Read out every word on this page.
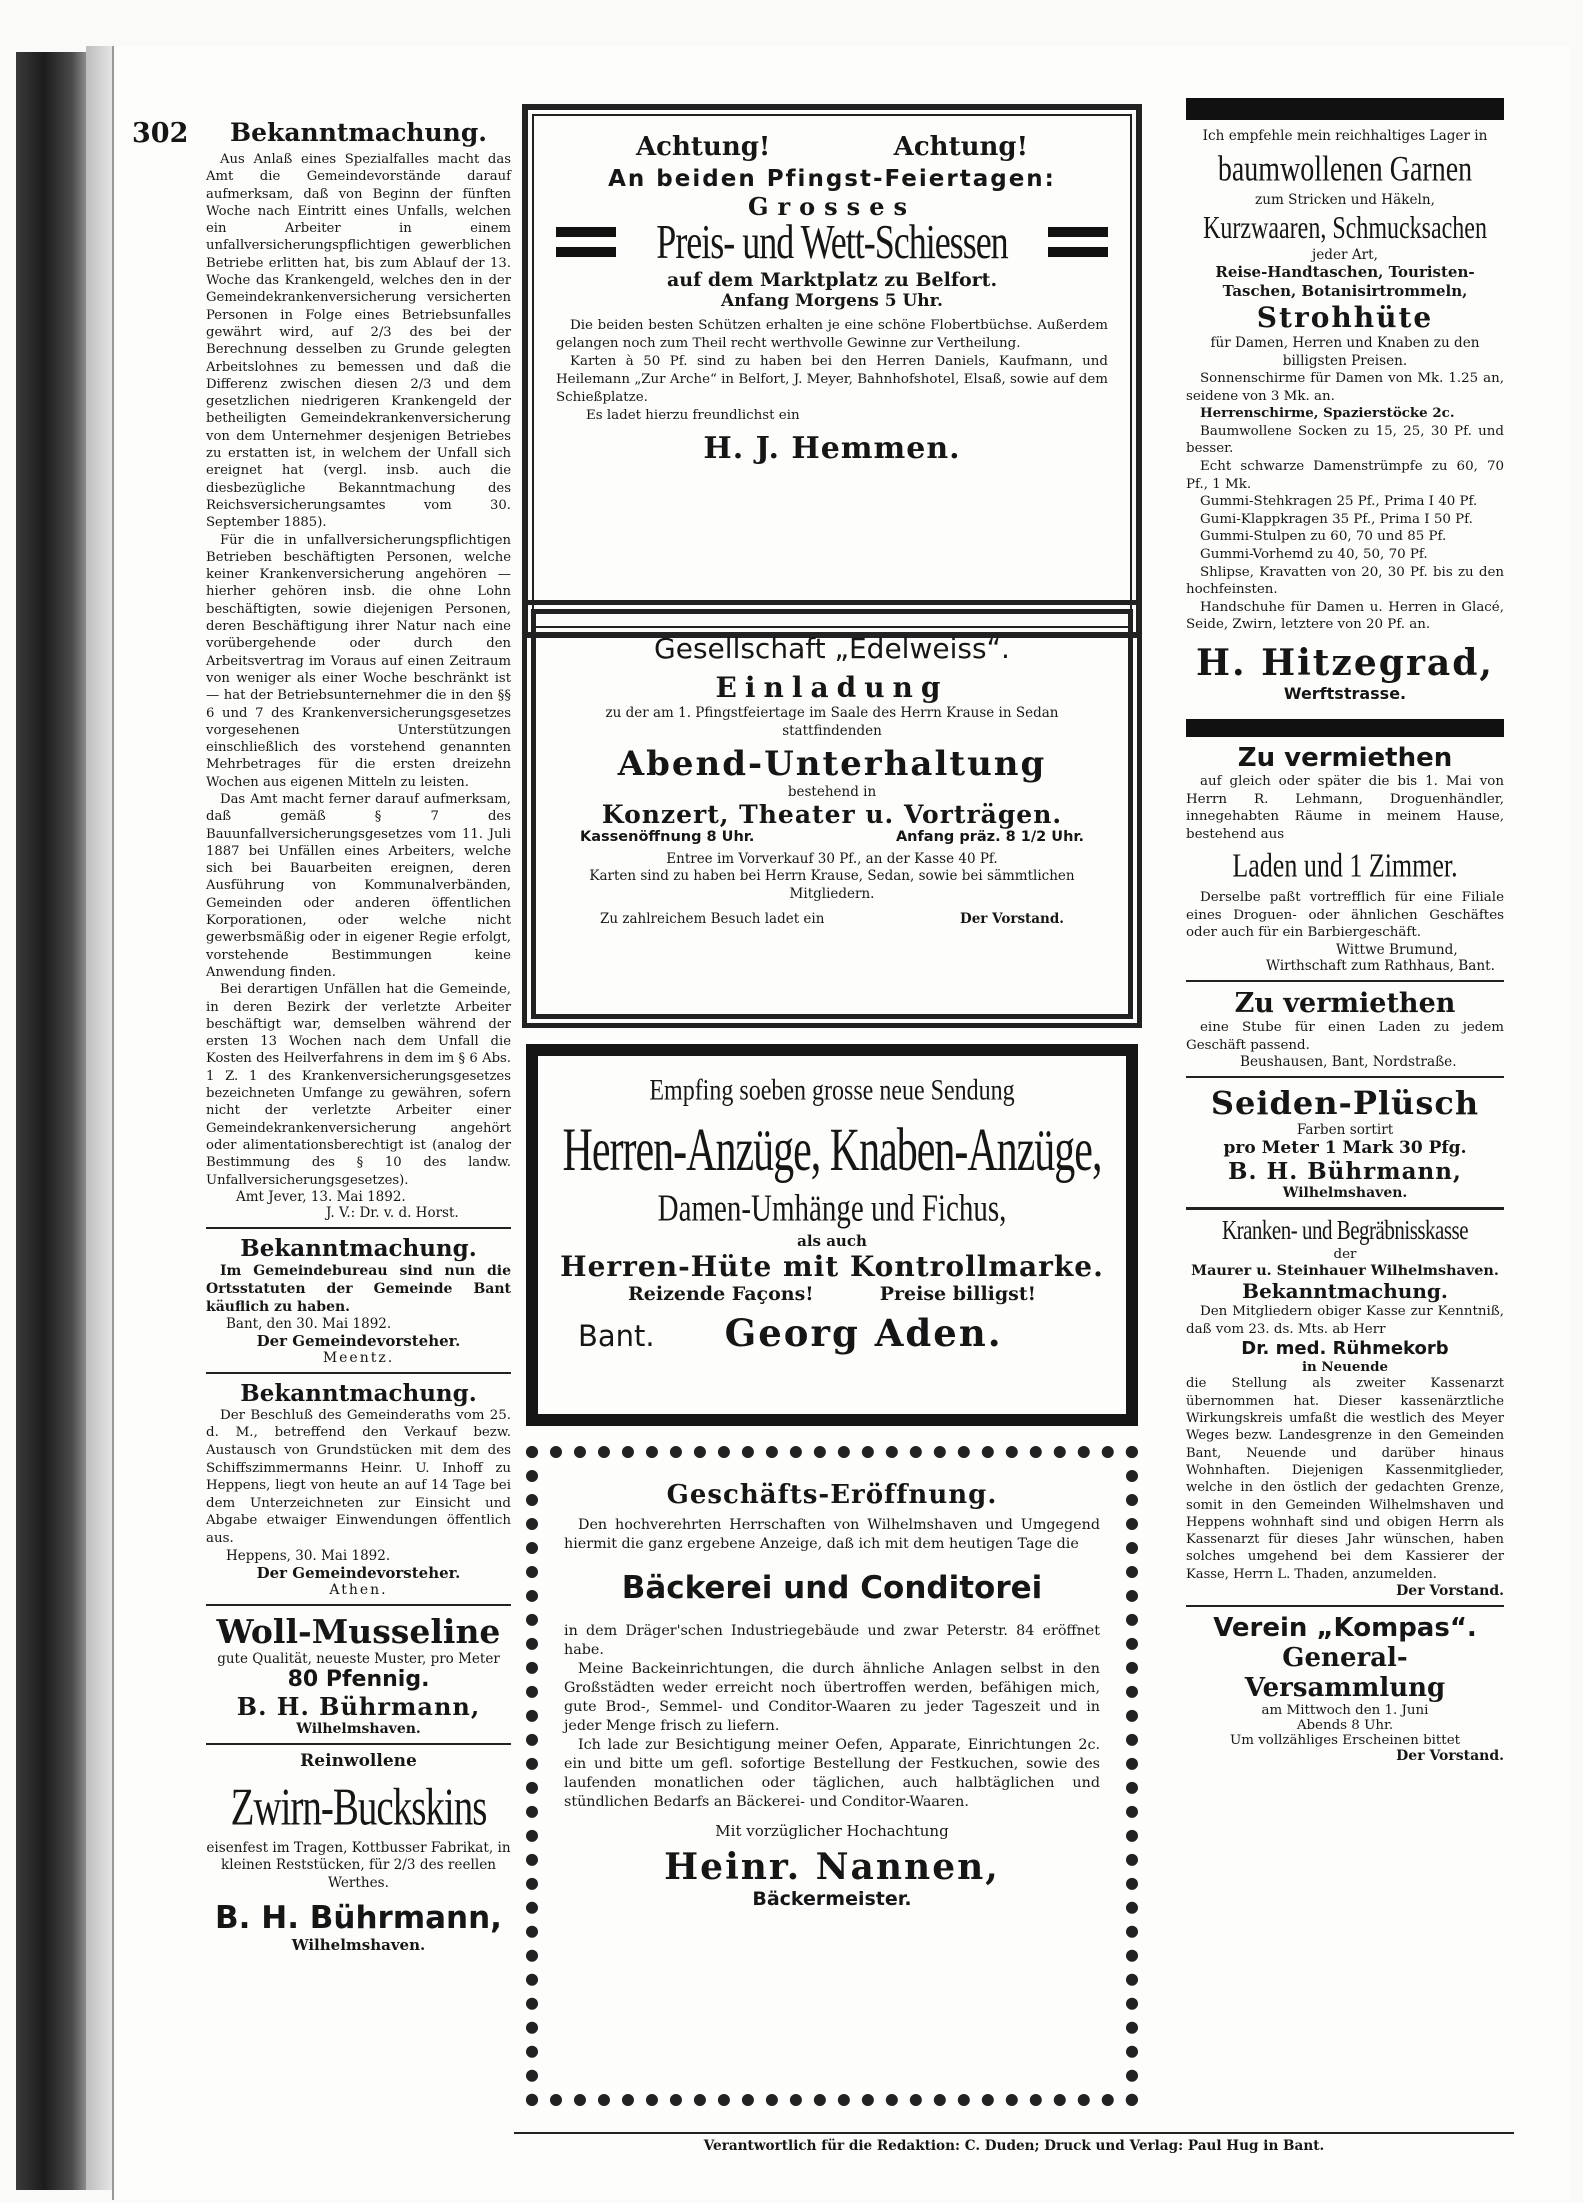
302	Bekanntmachung.

Aus Anlaß eines Spezialfalles macht das Amt die Gemeindevorstände darauf aufmerksam, daß von Beginn der fünften Woche nach Eintritt eines Unfalls, welchen ein Arbeiter in einem unfallversicherungspflichtigen gewerblichen Betriebe erlitten hat, bis zum Ablauf der 13. Woche das Krankengeld, welches den in der Gemeindekrankenversicherung versicherten Personen in Folge eines Betriebsunfalles gewährt wird, auf 2/3 des bei der Berechnung desselben zu Grunde gelegten Arbeitslohnes zu bemessen und daß die Differenz zwischen diesen 2/3 und dem gesetzlichen niedrigeren Krankengeld der betheiligten Gemeindekrankenversicherung von dem Unternehmer desjenigen Betriebes zu erstatten ist, in welchem der Unfall sich ereignet hat (vergl. insb. auch die diesbezügliche Bekanntmachung des Reichsversicherungsamtes vom 30. September 1885).

Für die in unfallversicherungspflichtigen Betrieben beschäftigten Personen, welche keiner Krankenversicherung angehören — hierher gehören insb. die ohne Lohn beschäftigten, sowie diejenigen Personen, deren Beschäftigung ihrer Natur nach eine vorübergehende oder durch den Arbeitsvertrag im Voraus auf einen Zeitraum von weniger als einer Woche beschränkt ist — hat der Betriebsunternehmer die in den §§ 6 und 7 des Krankenversicherungsgesetzes vorgesehenen Unterstützungen einschließlich des vorstehend genannten Mehrbetrages für die ersten dreizehn Wochen aus eigenen Mitteln zu leisten.

Das Amt macht ferner darauf aufmerksam, daß gemäß § 7 des Bauunfallversicherungsgesetzes vom 11. Juli 1887 bei Unfällen eines Arbeiters, welche sich bei Bauarbeiten ereignen, deren Ausführung von Kommunalverbänden, Gemeinden oder anderen öffentlichen Korporationen, oder welche nicht gewerbsmäßig oder in eigener Regie erfolgt, vorstehende Bestimmungen keine Anwendung finden.

Bei derartigen Unfällen hat die Gemeinde, in deren Bezirk der verletzte Arbeiter beschäftigt war, demselben während der ersten 13 Wochen nach dem Unfall die Kosten des Heilverfahrens in dem im § 6 Abs. 1 Z. 1 des Krankenversicherungsgesetzes bezeichneten Umfange zu gewähren, sofern nicht der verletzte Arbeiter einer Gemeindekrankenversicherung angehört oder alimentationsberechtigt ist (analog der Bestimmung des § 10 des landw. Unfallversicherungsgesetzes).

Amt Jever, 13. Mai 1892.
J. V.: Dr. v. d. Horst.
Bekanntmachung.

Im Gemeindebureau sind nun die Ortsstatuten der Gemeinde Bant käuflich zu haben.

Bant, den 30. Mai 1892.
Der Gemeindevorsteher.
Meentz.
Bekanntmachung.

Der Beschluß des Gemeinderaths vom 25. d. M., betreffend den Verkauf bezw. Austausch von Grundstücken mit dem des Schiffszimmermanns Heinr. U. Inhoff zu Heppens, liegt von heute an auf 14 Tage bei dem Unterzeichneten zur Einsicht und Abgabe etwaiger Einwendungen öffentlich aus.

Heppens, 30. Mai 1892.
Der Gemeindevorsteher.
Athen.
Woll-Musseline
gute Qualität, neueste Muster, pro Meter
80 Pfennig.
B. H. Bührmann,
Wilhelmshaven.
Reinwollene
Zwirn-Buckskins
eisenfest im Tragen, Kottbusser Fabrikat, in kleinen Reststücken, für 2/3 des reellen Werthes.
B. H. Bührmann,
Wilhelmshaven.
Achtung!	Achtung!
An beiden Pfingst-Feiertagen:
Grosses
Preis- und Wett-Schiessen
auf dem Marktplatz zu Belfort.
Anfang Morgens 5 Uhr.

Die beiden besten Schützen erhalten je eine schöne Flobertbüchse. Außerdem gelangen noch zum Theil recht werthvolle Gewinne zur Vertheilung.

Karten à 50 Pf. sind zu haben bei den Herren Daniels, Kaufmann, und Heilemann „Zur Arche“ in Belfort, J. Meyer, Bahnhofshotel, Elsaß, sowie auf dem Schießplatze.

Es ladet hierzu freundlichst ein

H. J. Hemmen.
Gesellschaft „Edelweiss“.
Einladung
zu der am 1. Pfingstfeiertage im Saale des Herrn Krause in Sedan stattfindenden
Abend-Unterhaltung
bestehend in
Konzert, Theater u. Vorträgen.
Kassenöffnung 8 Uhr.	Anfang präz. 8 1/2 Uhr.
Entree im Vorverkauf 30 Pf., an der Kasse 40 Pf.
Karten sind zu haben bei Herrn Krause, Sedan, sowie bei sämmtlichen Mitgliedern.
Zu zahlreichem Besuch ladet ein	Der Vorstand.
Empfing soeben grosse neue Sendung
Herren-Anzüge, Knaben-Anzüge,
Damen-Umhänge und Fichus,
als auch
Herren-Hüte mit Kontrollmarke.
Reizende Façons!	Preise billigst!
Bant. Georg Aden.
Geschäfts-Eröffnung.

Den hochverehrten Herrschaften von Wilhelmshaven und Umgegend hiermit die ganz ergebene Anzeige, daß ich mit dem heutigen Tage die

Bäckerei und Conditorei

in dem Dräger'schen Industriegebäude und zwar Peterstr. 84 eröffnet habe.

Meine Backeinrichtungen, die durch ähnliche Anlagen selbst in den Großstädten weder erreicht noch übertroffen werden, befähigen mich, gute Brod-, Semmel- und Conditor-Waaren zu jeder Tageszeit und in jeder Menge frisch zu liefern.

Ich lade zur Besichtigung meiner Oefen, Apparate, Einrichtungen 2c. ein und bitte um gefl. sofortige Bestellung der Festkuchen, sowie des laufenden monatlichen oder täglichen, auch halbtäglichen und stündlichen Bedarfs an Bäckerei- und Conditor-Waaren.

Mit vorzüglicher Hochachtung
Heinr. Nannen,
Bäckermeister.
Ich empfehle mein reichhaltiges Lager in
baumwollenen Garnen
zum Stricken und Häkeln,
Kurzwaaren, Schmucksachen
jeder Art,
Reise-Handtaschen, Touristen-Taschen, Botanisirtrommeln,
Strohhüte
für Damen, Herren und Knaben zu den billigsten Preisen.
Sonnenschirme für Damen von Mk. 1.25 an, seidene von 3 Mk. an.
Herrenschirme, Spazierstöcke 2c.
Baumwollene Socken zu 15, 25, 30 Pf. und besser.
Echt schwarze Damenstrümpfe zu 60, 70 Pf., 1 Mk.
Gummi-Stehkragen 25 Pf., Prima I 40 Pf.
Gumi-Klappkragen 35 Pf., Prima I 50 Pf.
Gummi-Stulpen zu 60, 70 und 85 Pf.
Gummi-Vorhemd zu 40, 50, 70 Pf.
Shlipse, Kravatten von 20, 30 Pf. bis zu den hochfeinsten.
Handschuhe für Damen u. Herren in Glacé, Seide, Zwirn, letztere von 20 Pf. an.
H. Hitzegrad,
Werftstrasse.
Zu vermiethen

auf gleich oder später die bis 1. Mai von Herrn R. Lehmann, Droguenhändler, innegehabten Räume in meinem Hause, bestehend aus

Laden und 1 Zimmer.

Derselbe paßt vortrefflich für eine Filiale eines Droguen- oder ähnlichen Geschäftes oder auch für ein Barbiergeschäft.

Wittwe Brumund,
Wirthschaft zum Rathhaus, Bant.
Zu vermiethen

eine Stube für einen Laden zu jedem Geschäft passend.

Beushausen, Bant, Nordstraße.
Seiden-Plüsch
Farben sortirt
pro Meter 1 Mark 30 Pfg.
B. H. Bührmann,
Wilhelmshaven.
Kranken- und Begräbnisskasse
der
Maurer u. Steinhauer Wilhelmshaven.
Bekanntmachung.

Den Mitgliedern obiger Kasse zur Kenntniß, daß vom 23. ds. Mts. ab Herr

Dr. med. Rühmekorb
in Neuende

die Stellung als zweiter Kassenarzt übernommen hat. Dieser kassenärztliche Wirkungskreis umfaßt die westlich des Meyer Weges bezw. Landesgrenze in den Gemeinden Bant, Neuende und darüber hinaus Wohnhaften. Diejenigen Kassenmitglieder, welche in den östlich der gedachten Grenze, somit in den Gemeinden Wilhelmshaven und Heppens wohnhaft sind und obigen Herrn als Kassenarzt für dieses Jahr wünschen, haben solches umgehend bei dem Kassierer der Kasse, Herrn L. Thaden, anzumelden.

Der Vorstand.
Verein „Kompas“.
General-Versammlung
am Mittwoch den 1. Juni
Abends 8 Uhr.
Um vollzähliges Erscheinen bittet
Der Vorstand.
Verantwortlich für die Redaktion: C. Duden; Druck und Verlag: Paul Hug in Bant.
